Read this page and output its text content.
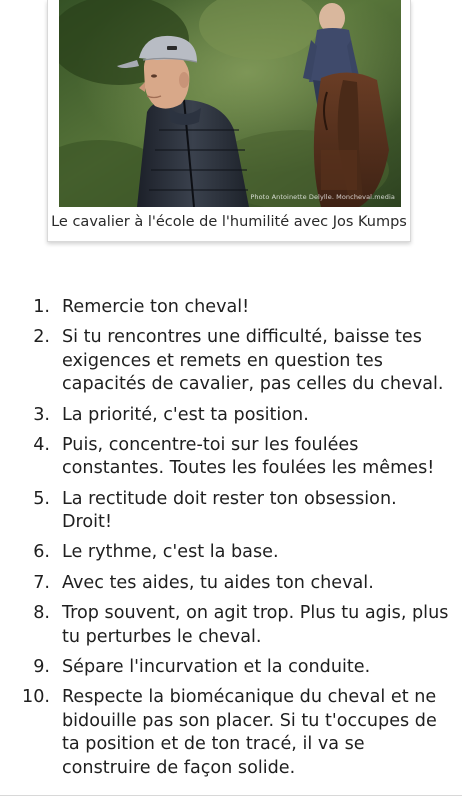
Photo Antoinette Delylle. Moncheval.media
Le cavalier à l'école de l'humilité avec Jos Kumps
1. Remercie ton cheval!
2. Si tu rencontres une difficulté, baisse tes exigences et remets en question tes capacités de cavalier, pas celles du cheval.
3. La priorité, c'est ta position.
4. Puis, concentre-toi sur les foulées constantes. Toutes les foulées les mêmes!
5. La rectitude doit rester ton obsession. Droit!
6. Le rythme, c'est la base.
7. Avec tes aides, tu aides ton cheval.
8. Trop souvent, on agit trop. Plus tu agis, plus tu perturbes le cheval.
9. Sépare l'incurvation et la conduite.
10. Respecte la biomécanique du cheval et ne bidouille pas son placer. Si tu t'occupes de ta position et de ton tracé, il va se construire de façon solide.
